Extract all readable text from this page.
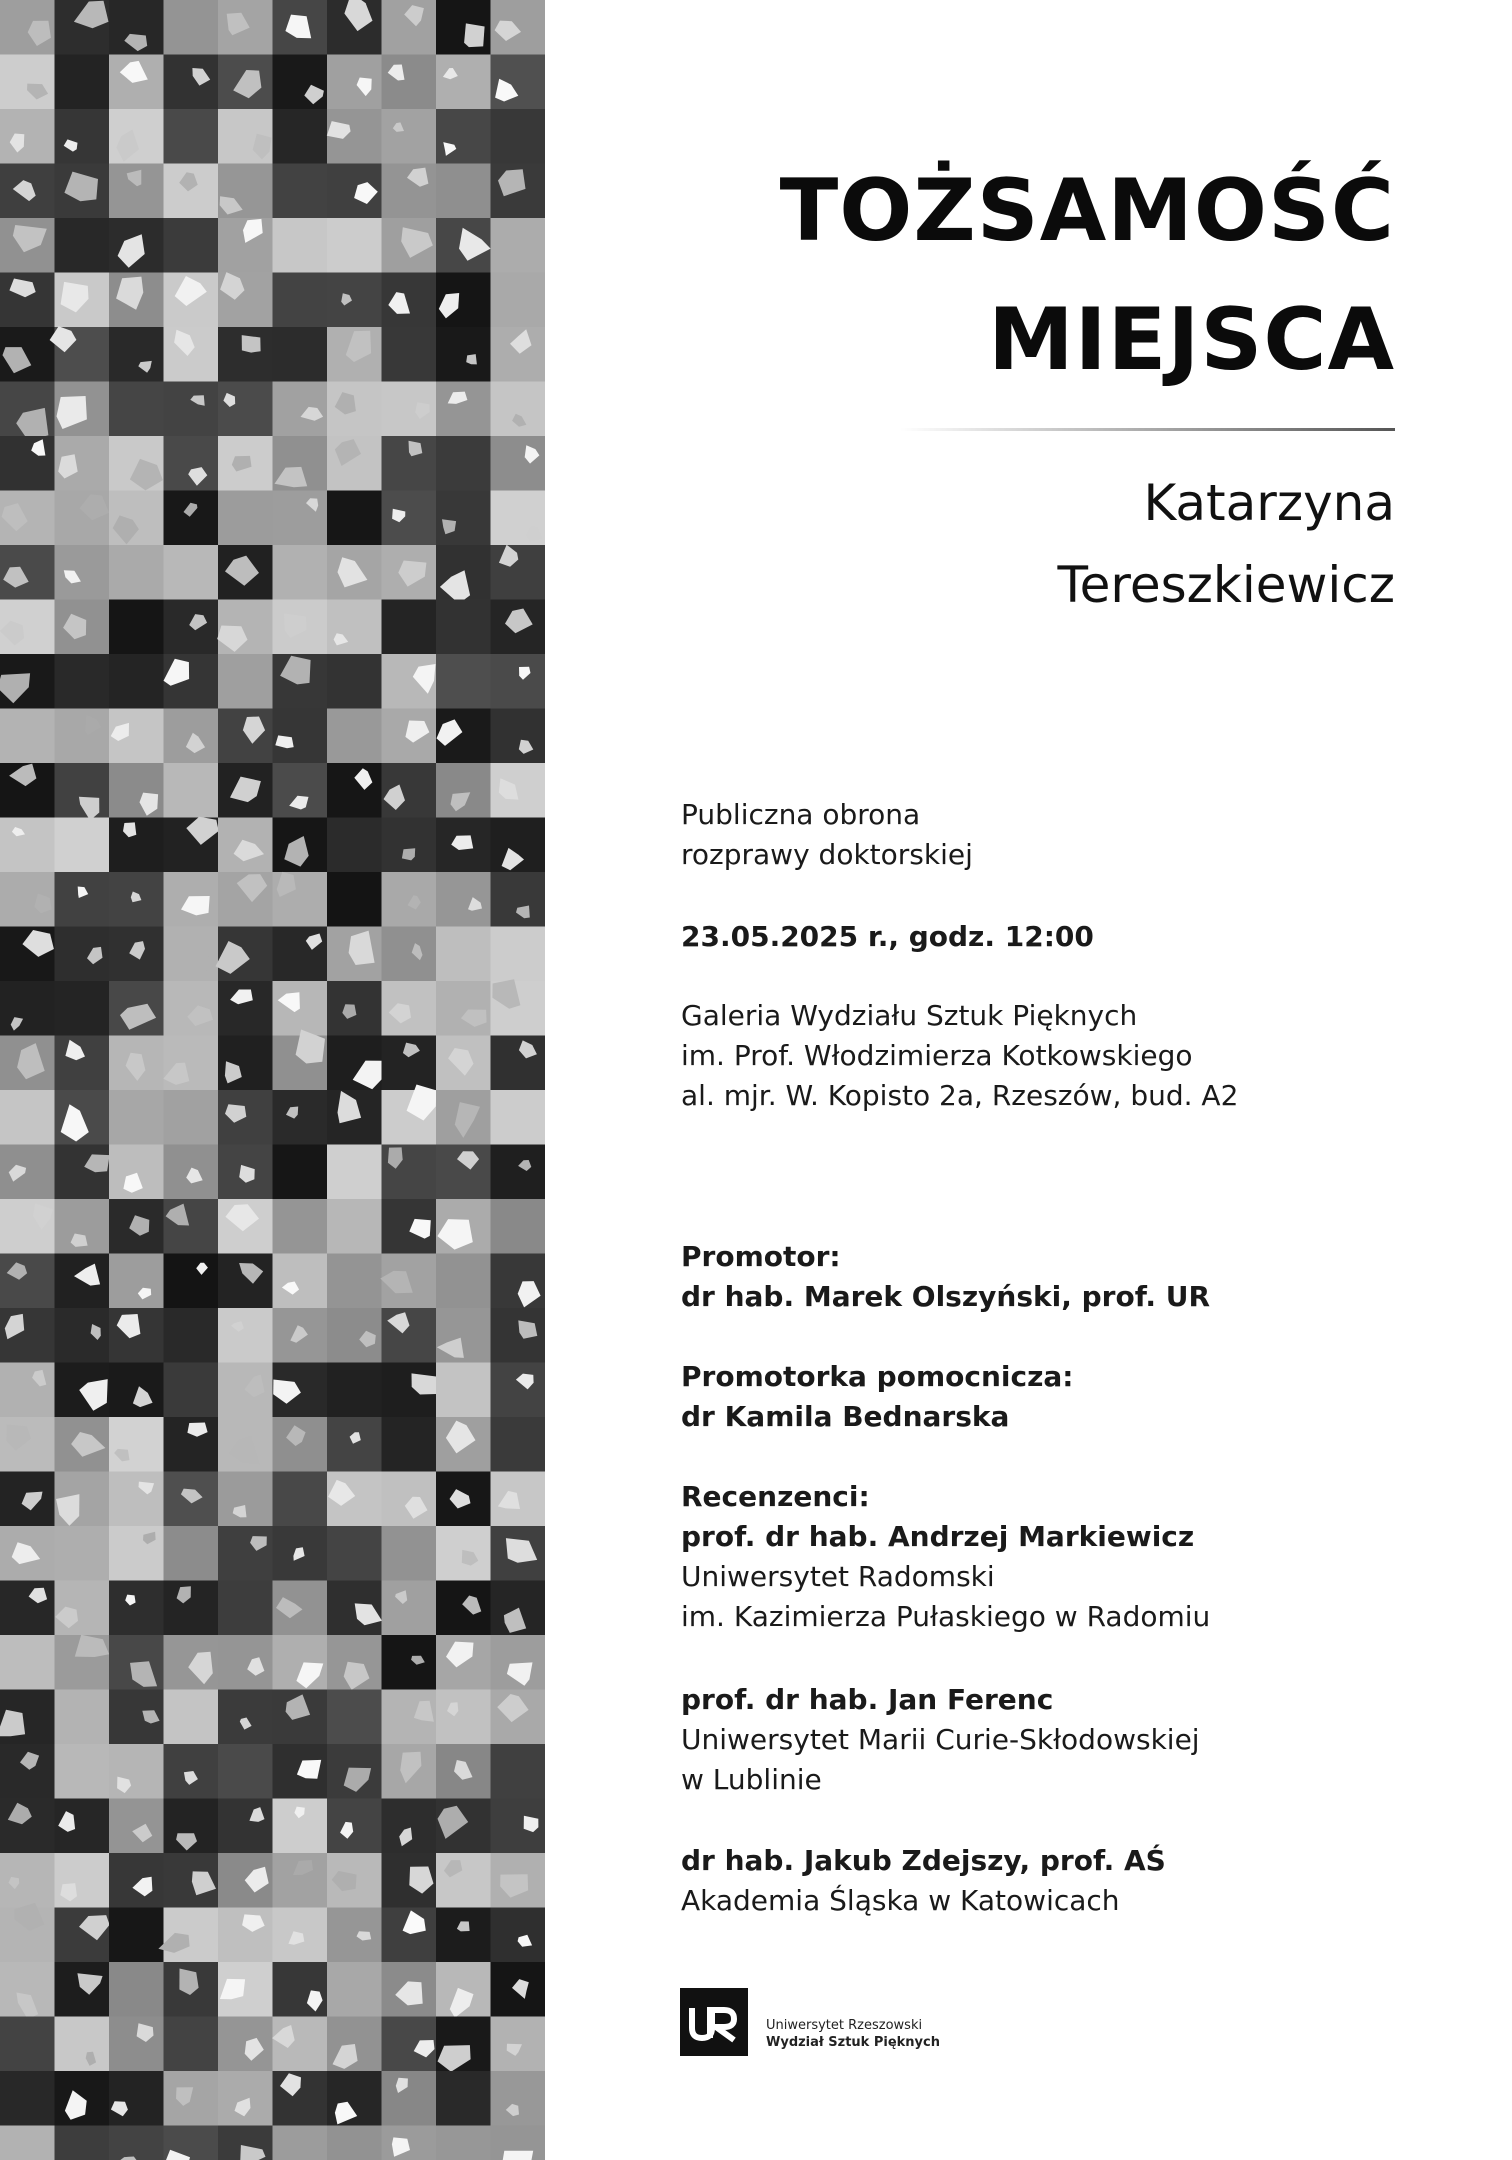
TOŻSAMOŚĆ
MIEJSCA
Katarzyna
Tereszkiewicz
Publiczna obrona
rozprawy doktorskiej
23.05.2025 r., godz. 12:00
Galeria Wydziału Sztuk Pięknych
im. Prof. Włodzimierza Kotkowskiego
al. mjr. W. Kopisto 2a, Rzeszów, bud. A2
Promotor:
dr hab. Marek Olszyński, prof. UR
Promotorka pomocnicza:
dr Kamila Bednarska
Recenzenci:
prof. dr hab. Andrzej Markiewicz
Uniwersytet Radomski
im. Kazimierza Pułaskiego w Radomiu
prof. dr hab. Jan Ferenc
Uniwersytet Marii Curie-Skłodowskiej
w Lublinie
dr hab. Jakub Zdejszy, prof. AŚ
Akademia Śląska w Katowicach
Uniwersytet Rzeszowski
Wydział Sztuk Pięknych
